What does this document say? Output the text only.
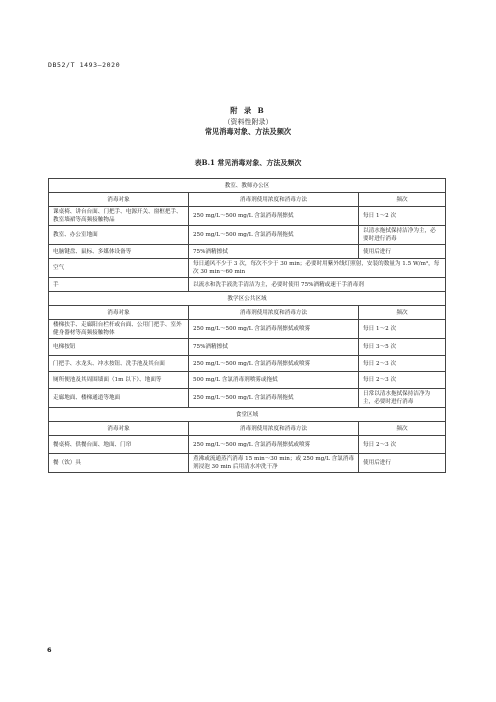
DB52/T 1493—2020
附 录 B
（资料性附录）
常见消毒对象、方法及频次
表B.1 常见消毒对象、方法及频次
教室、教师办公区		
消毒对象	消毒剂使用浓度和消毒方法	频次
课桌椅、讲台台面、门把手、电源开关、窗框把手、教室墙裙等高频接触物品	250 mg/L～500 mg/L 含氯消毒剂擦拭	每日 1～2 次
教室、办公室地面	250 mg/L～500 mg/L 含氯消毒剂拖拭	以清水拖拭保持洁净为主，必要时进行消毒
电脑键盘、鼠标、多媒体设备等	75%酒精擦拭	使用后进行
空气	每日通风不少于 3 次，每次不少于 30 min；必要时用紫外线灯照射，安装的数量为 1.5 W/m³，每次 30 min～60 min	
手	以流水和洗手液洗手清洁为主，必要时使用 75%酒精或速干手消毒剂	
教学区公共区域		
消毒对象	消毒剂使用浓度和消毒方法	频次
楼梯扶手、走廊阳台栏杆或台面、公用门把手、室外健身器材等高频接触物体	250 mg/L～500 mg/L 含氯消毒剂擦拭或喷雾	每日 1～2 次
电梯按钮	75%酒精擦拭	每日 3～5 次
门把手、水龙头、冲水按钮、洗手池及其台面	250 mg/L～500 mg/L 含氯消毒剂擦拭或喷雾	每日 2～3 次
厕所便池及其周围墙面（1m 以下）、地面等	500 mg/L 含氯消毒剂喷雾或拖拭	每日 2～3 次
走廊地面、楼梯通道等地面	250 mg/L～500 mg/L 含氯消毒剂拖拭	日常以清水拖拭保持洁净为主，必要时进行消毒
食堂区域		
消毒对象	消毒剂使用浓度和消毒方法	频次
餐桌椅、供餐台面、地面、门帘	250 mg/L～500 mg/L 含氯消毒剂擦拭或喷雾	每日 2～3 次
餐（饮）具	煮沸或流通蒸汽消毒 15 min～30 min；或 250 mg/L 含氯消毒剂浸泡 30 min 后用清水冲洗干净	使用后进行
6
